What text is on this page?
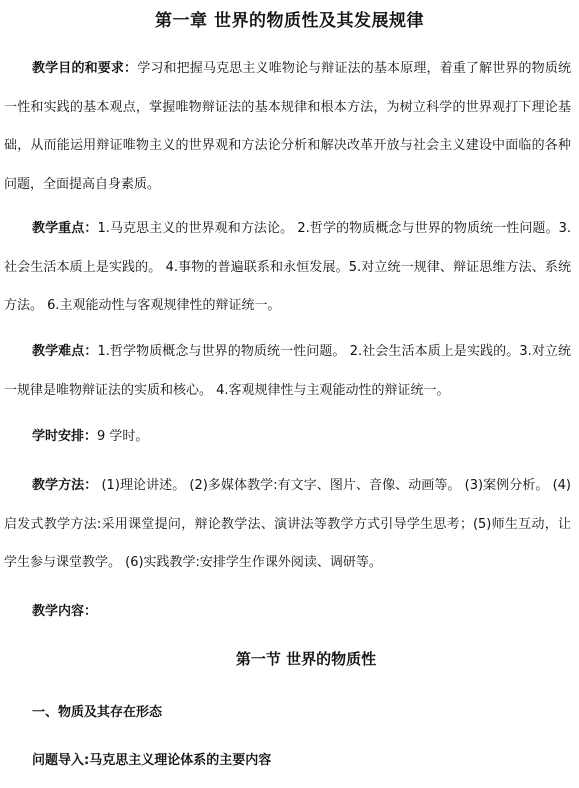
第一章 世界的物质性及其发展规律
教学目的和要求：学习和把握马克思主义唯物论与辩证法的基本原理，着重了解世界的物质统一性和实践的基本观点，掌握唯物辩证法的基本规律和根本方法，为树立科学的世界观打下理论基础，从而能运用辩证唯物主义的世界观和方法论分析和解决改革开放与社会主义建设中面临的各种问题，全面提高自身素质。
教学重点：1.马克思主义的世界观和方法论。 2.哲学的物质概念与世界的物质统一性问题。3.社会生活本质上是实践的。 4.事物的普遍联系和永恒发展。5.对立统一规律、辩证思维方法、系统方法。 6.主观能动性与客观规律性的辩证统一。
教学难点：1.哲学物质概念与世界的物质统一性问题。 2.社会生活本质上是实践的。3.对立统一规律是唯物辩证法的实质和核心。 4.客观规律性与主观能动性的辩证统一。
学时安排：9 学时。
教学方法： (1)理论讲述。 (2)多媒体教学:有文字、图片、音像、动画等。 (3)案例分析。 (4)启发式教学方法:采用课堂提问，辩论教学法、演讲法等教学方式引导学生思考；(5)师生互动，让学生参与课堂教学。 (6)实践教学:安排学生作课外阅读、调研等。
教学内容：
第一节 世界的物质性
一、物质及其存在形态
问题导入:马克思主义理论体系的主要内容
